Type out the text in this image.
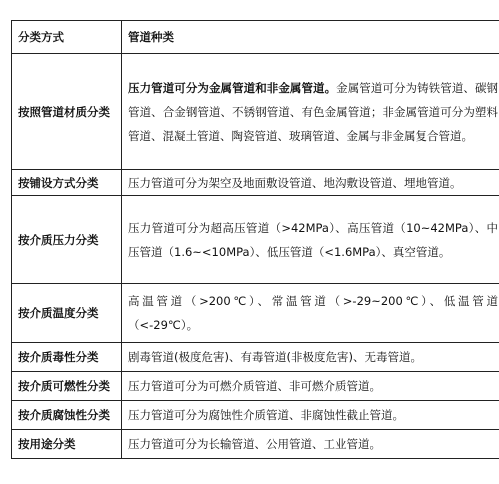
分类方式	管道种类
按照管道材质分类	压力管道可分为金属管道和非金属管道。金属管道可分为铸铁管道、碳钢管道、合金钢管道、不锈钢管道、有色金属管道；非金属管道可分为塑料管道、混凝土管道、陶瓷管道、玻璃管道、金属与非金属复合管道。
按铺设方式分类	压力管道可分为架空及地面敷设管道、地沟敷设管道、埋地管道。
按介质压力分类	压力管道可分为超高压管道（>42MPa）、高压管道（10~42MPa）、中压管道（1.6~<10MPa）、低压管道（<1.6MPa）、真空管道。
按介质温度分类	高温管道（>200℃）、常温管道（>-29~200℃）、低温管道（<-29℃）。
按介质毒性分类	剧毒管道(极度危害)、有毒管道(非极度危害)、无毒管道。
按介质可燃性分类	压力管道可分为可燃介质管道、非可燃介质管道。
按介质腐蚀性分类	压力管道可分为腐蚀性介质管道、非腐蚀性截止管道。
按用途分类	压力管道可分为长输管道、公用管道、工业管道。
